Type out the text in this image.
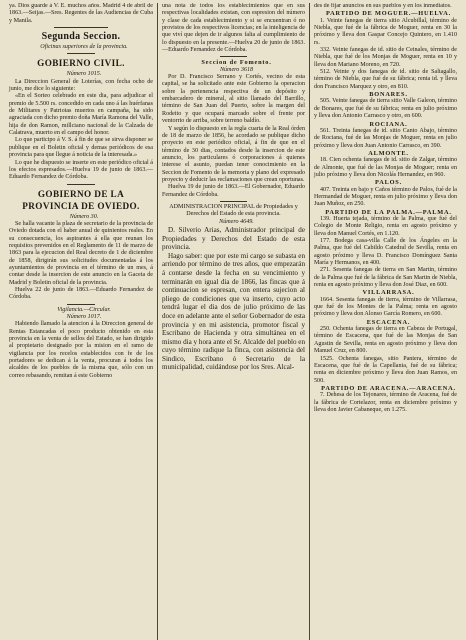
ya. Dios guarde á V. E. muchos años. Madrid 4 de abril de 1863.—Seijas.—Sres. Regentes de las Audiencias de Cuba y Manila.

Segunda Seccion.

Oficinas superiores de la provincia.

GOBIERNO CIVIL.

Número 1015.

La Direccion General de Loterías, con fecha ocho de junio, me dice lo siguiente:

«En el Sorteo celebrado en este dia, para adjudicar el premio de 5.500 rs. concedido en cada uno á las huérfanas de Militares y Patriotas muertos en campaña, ha sido agraciada con dicho premio doña María Ramona del Valle, hija de don Ramon, millciano nacional de la Calzada de Calatrava, muerto en el campo del honor.

Lo que participo á V. S. á fin de que se sirva disponer se publique en el Boletin oficial y demas periódicos de esa provincia para que llegue á noticia de la interesada.»

Lo que he dispuesto se inserte en este periódico oficial á los efectos espresados.—Huelva 19 de junio de 1863.—Eduardo Fernandez de Córdoba.

GOBIERNO DE LA PROVINCIA DE OVIEDO.

Número 30.

Se halla vacante la plaza de secretario de la provincia de Oviedo dotada con el haber anual de quinientos reales. En su consecuencia, los aspirantes á ella que reunan los requisitos prevenidos en el Reglamento de 11 de marzo de 1863 para la ejecucion del Real decreto de 1 de diciembre de 1858, dirigirán sus solicitudes documentadas á los ayuntamientos de provincia en el término de un mes, á contar desde la insercion de este anuncio en la Gaceta de Madrid y Boletin oficial de la provincia.

Huelva 22 de junio de 1863.—Eduardo Fernandez de Córdoba.

Vigilancia.—Circular.

Número 1017.

Habiendo llamado la atencion á la Direccion general de Rentas Estancadas el poco producto obtenido en esta provincia en la venta de sellos del Estado, se han dirigido al propietario designado por la mision en el ramo de vigilancia por los recelos establecidos con fe de los portadores se dedican á la venta, procuran á todos los alcaldes de los pueblos de la misma que, sólo con un correo rebasando, remitan á este Gobierno

una nota de todos los establecimientos que en sus respectivas localidades existan, con espresion del número y clase de cada establecimiento y si se encuentran ó no provistos de los respectivos licencias; en la inteligencia de que viví que dejen de ir algunos falta al cumplimiento de lo dispuesto en la presente.—Huelva 20 de junio de 1863.—Eduardo Fernandez de Córdoba.

Seccion de Fomento.

Número 3618

Por D. Francisco Serrano y Cortés, vecino de esta capital, se ha solicitado ante este Gobierno la operacion sobre la pertenencia respectiva de un depósito y embarcadero de mineral, al sitio llamado del Barrillo, término de San Juan del Puerto, sobre la margen del Rodeito y que ocupará marcado sobre el frente por ventorrio de arriba, sobre terreno baldío.

Y según lo dispuesto en la regla cuarta de la Real órden de 18 de marzo de 1856, he acordado se publique dicho proyecto en este periódico oficial, á fin de que en el término de 30 dias, contados desde la insercion de este anuncio, los particulares ó corporaciones á quienes interese el asunto, puedan tener conocimiento en la Seccion de Fomento de la memoria y plano del expresado proyecto y deducir las reclamaciones que crean oportunas.

Huelva 19 de junio de 1863.—El Gobernador, Eduardo Fernandez de Córdoba.

ADMINISTRACION PRINCIPAL de Propiedades y Derechos del Estado de esta provincia.

Número 4649.

D. Silverio Arias, Administrador principal de Propiedades y Derechos del Estado de esta provincia.

Hago saber: que por este mi cargo se subasta en arriendo por término de tres años, que empezarán á contarse desde la fecha en su vencimiento y terminarán en igual dia de 1866, las fincas que á continuacion se espresan, con entera sujecion al pliego de condiciones que va inserto, cuyo acto tendrá lugar el dia dos de julio próximo de las doce en adelante ante el señor Gobernador de esta provincia y en mi asistencia, promotor fiscal y Escribano de Hacienda y otra simultánea en el mismo dia y hora ante el Sr. Alcalde del pueblo en cuyo término radique la finca, con asistencia del Sindico, Escribano ó Secretario de la municipalidad, cuidándose por los Sres. Alcal-

des de fijar anuncios en sus pueblos y en los inmediatos.

PARTIDO DE MOGUER.—HUELVA.

1. Veinte fanegas de tierra sitio Alcubillal, término de Niebla, que fué de la fábrica de Moguer, renta en 30 la próximo y lleva don Gaspar Concejo Quintero, en 1.410 rs.

332. Veinte fanegas de id. sitio de Ceinales, término de Niebla, que fué de los Monjas de Moguer, renta en 10 y lleva don Mariano Moreno, en 720.

512. Veinte y dos fanegas de id. sitio de Saltagallo, término de Niebla, que fué de su fábrica; renta id. y lleva don Francisco Marquez y otro, en 810.

BONARES.

505. Veinte fanegas de tierra sitio Valle Galeon, término de Bonares, que fué de su fábrica; renta en julio próximo y lleva don Antonio Carrasco y otro, en 600.

ROCIANA.

561. Treinta fanegas de id. sitio Canto Abajo, término de Rociana, fué de las Monjas de Moguer, renta en julio próximo y lleva don Juan Antonio Carrasco, en 390.

ALMONTE.

18. Cien ochenta fanegas de id. sitio de Zalgar, término de Almonte, que fué de las Monjas de Moguer; renta en julio próximo y lleva don Nicolás Hernandez, en 960.

PALOS.

407. Treinta en bajo y Caños término de Palos, fué de la Hermandad de Moguer, renta en julio próximo y lleva don Juan Muñoz, en 250.

PARTIDO DE LA PALMA.—PALMA.

139. Huerta tejada, término de la Palma, que fué del Colegio de Monte Religio, renta en agosto próximo y lleva don Manuel Cortés, en 1.120.

177. Bodega casa-villa Calle de los Ángeles en la Palma, que fué del Cabildo Catedral de Sevilla, renta en agosto próximo y lleva D. Francisco Domínguez Santa María y Hermanos, en 400.

271. Sesenta fanegas de tierra en San Martin, término de la Palma que fué de la fábrica de San Martin de Niebla, renta en agosto próximo y lleva don José Diaz, en 600.

VILLARRASA.

1664. Sesenta fanegas de tierra, término de Villarrasa, que fué de los Montes de la Palma; renta en agosto próximo y lleva don Alonso García Romero, en 600.

ESCACENA.

250. Ochenta fanegas de tierra en Cabeza de Portugal, término de Escacena, que fué de las Monjas de San Agustin de Sevilla, renta en agosto próximo y lleva don Manuel Cruz, en 800.

1525. Ochenta fanegas, sitio Pantera, término de Escacena, que fué de la Capellania, fué de su fábrica; renta en diciembre próximo y lleva don Juan Ramos, en 500.

PARTIDO DE ARACENA.—ARACENA.

7. Dehesa de los Tejonares, término de Aracena, fué de la fábrica de Cortelazor, renta en diciembre próximo y lleva don Javier Cabaneque, en 1.275.
